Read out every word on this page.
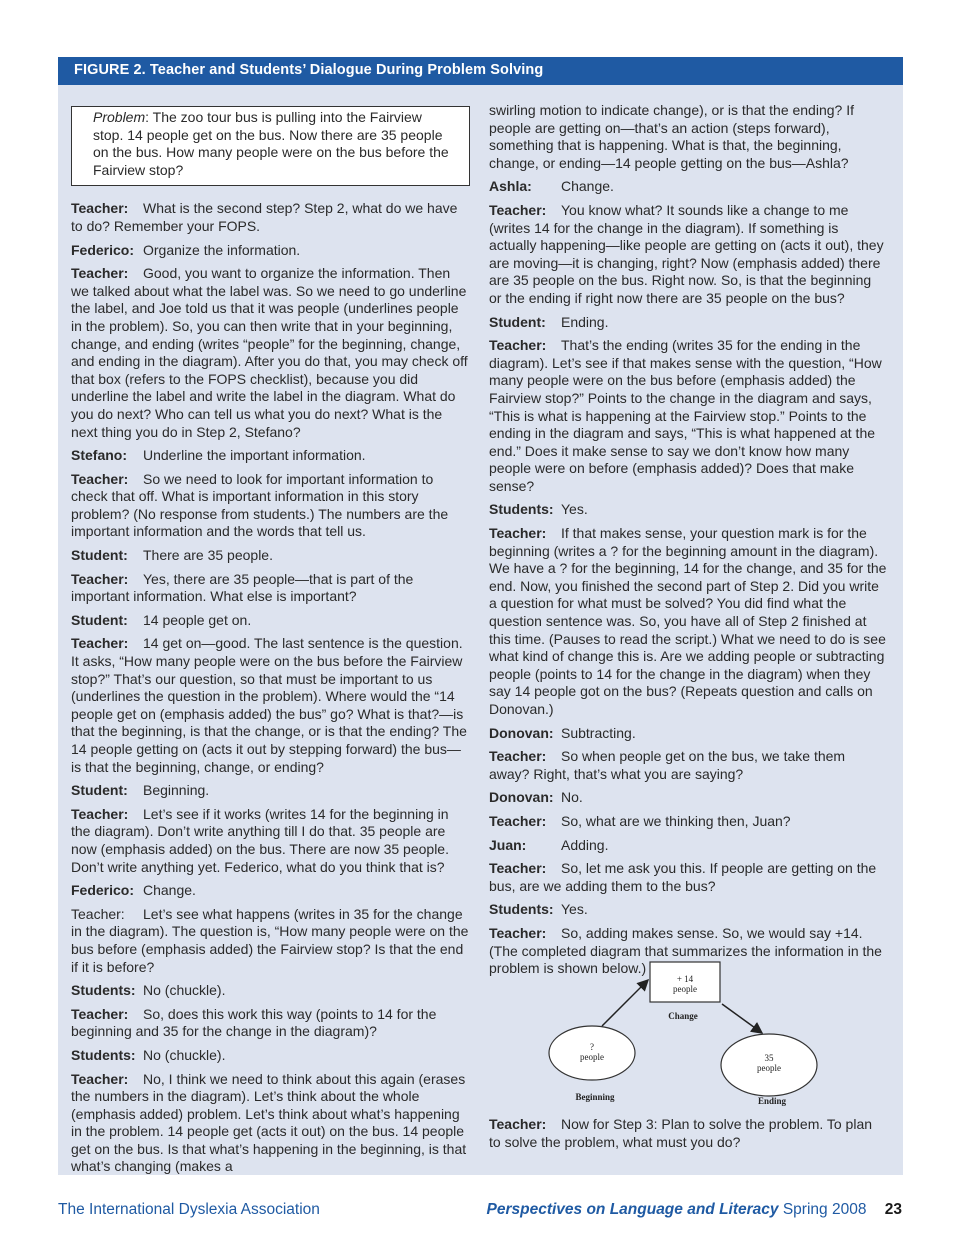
FIGURE 2. Teacher and Students’ Dialogue During Problem Solving

Problem: The zoo tour bus is pulling into the Fairview stop. 14 people get on the bus. Now there are 35 people on the bus. How many people were on the bus before the Fairview stop?

Teacher: What is the second step? Step 2, what do we have to do? Remember your FOPS.

Federico: Organize the information.

Teacher: Good, you want to organize the information. Then we talked about what the label was. So we need to go underline the label, and Joe told us that it was people (underlines people in the problem). So, you can then write that in your beginning, change, and ending (writes “people” for the beginning, change, and ending in the diagram). After you do that, you may check off that box (refers to the FOPS checklist), because you did underline the label and write the label in the diagram. What do you do next? Who can tell us what you do next? What is the next thing you do in Step 2, Stefano?

Stefano: Underline the important information.

Teacher: So we need to look for important information to check that off. What is important information in this story problem? (No response from students.) The numbers are the important information and the words that tell us.

Student: There are 35 people.

Teacher: Yes, there are 35 people—that is part of the important information. What else is important?

Student: 14 people get on.

Teacher: 14 get on—good. The last sentence is the question. It asks, “How many people were on the bus before the Fairview stop?” That’s our question, so that must be important to us (underlines the question in the problem). Where would the “14 people get on (emphasis added) the bus” go? What is that?—is that the beginning, is that the change, or is that the ending? The 14 people getting on (acts it out by stepping forward) the bus—is that the beginning, change, or ending?

Student: Beginning.

Teacher: Let’s see if it works (writes 14 for the beginning in the diagram). Don’t write anything till I do that. 35 people are now (emphasis added) on the bus. There are now 35 people. Don’t write anything yet. Federico, what do you think that is?

Federico: Change.

Teacher: Let’s see what happens (writes in 35 for the change in the diagram). The question is, “How many people were on the bus before (emphasis added) the Fairview stop? Is that the end if it is before?

Students: No (chuckle).

Teacher: So, does this work this way (points to 14 for the beginning and 35 for the change in the diagram)?

Students: No (chuckle).

Teacher: No, I think we need to think about this again (erases the numbers in the diagram). Let’s think about the whole (emphasis added) problem. Let’s think about what’s happening in the problem. 14 people get (acts it out) on the bus. 14 people get on the bus. Is that what’s happening in the beginning, is that what’s changing (makes a

swirling motion to indicate change), or is that the ending? If people are getting on—that’s an action (steps forward), something that is happening. What is that, the beginning, change, or ending—14 people getting on the bus—Ashla?

Ashla: Change.

Teacher: You know what? It sounds like a change to me (writes 14 for the change in the diagram). If something is actually happening—like people are getting on (acts it out), they are moving—it is changing, right? Now (emphasis added) there are 35 people on the bus. Right now. So, is that the beginning or the ending if right now there are 35 people on the bus?

Student: Ending.

Teacher: That’s the ending (writes 35 for the ending in the diagram). Let’s see if that makes sense with the question, “How many people were on the bus before (emphasis added) the Fairview stop?” Points to the change in the diagram and says, “This is what is happening at the Fairview stop.” Points to the ending in the diagram and says, “This is what happened at the end.” Does it make sense to say we don’t know how many people were on before (emphasis added)? Does that make sense?

Students: Yes.

Teacher: If that makes sense, your question mark is for the beginning (writes a ? for the beginning amount in the diagram). We have a ? for the beginning, 14 for the change, and 35 for the end. Now, you finished the second part of Step 2. Did you write a question for what must be solved? You did find what the question sentence was. So, you have all of Step 2 finished at this time. (Pauses to read the script.) What we need to do is see what kind of change this is. Are we adding people or subtracting people (points to 14 for the change in the diagram) when they say 14 people got on the bus? (Repeats question and calls on Donovan.)

Donovan: Subtracting.

Teacher: So when people get on the bus, we take them away? Right, that’s what you are saying?

Donovan: No.

Teacher: So, what are we thinking then, Juan?

Juan: Adding.

Teacher: So, let me ask you this. If people are getting on the bus, are we adding them to the bus?

Students: Yes.

Teacher: So, adding makes sense. So, we would say +14. (The completed diagram that summarizes the information in the problem is shown below.)

+ 14
people
Change
?
people
Beginning
35
people
Ending

Teacher: Now for Step 3: Plan to solve the problem. To plan to solve the problem, what must you do?

The International Dyslexia Association	Perspectives on Language and Literacy Spring 2008 23
